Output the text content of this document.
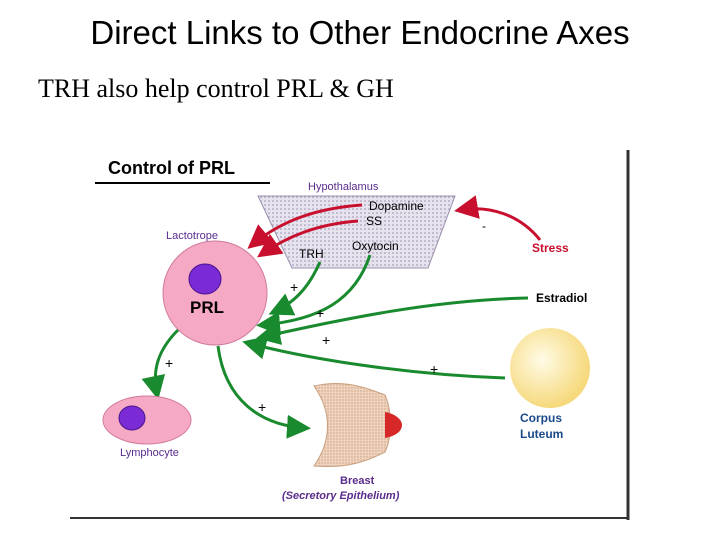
Direct Links to Other Endocrine Axes
TRH also help control PRL & GH
Control of PRL
Hypothalamus
Dopamine
SS
TRH
Oxytocin
Lactotrope
PRL
-
Stress
+
+
+
Estradiol
+
Corpus
Luteum
+
+
Lymphocyte
Breast
(Secretory Epithelium)
